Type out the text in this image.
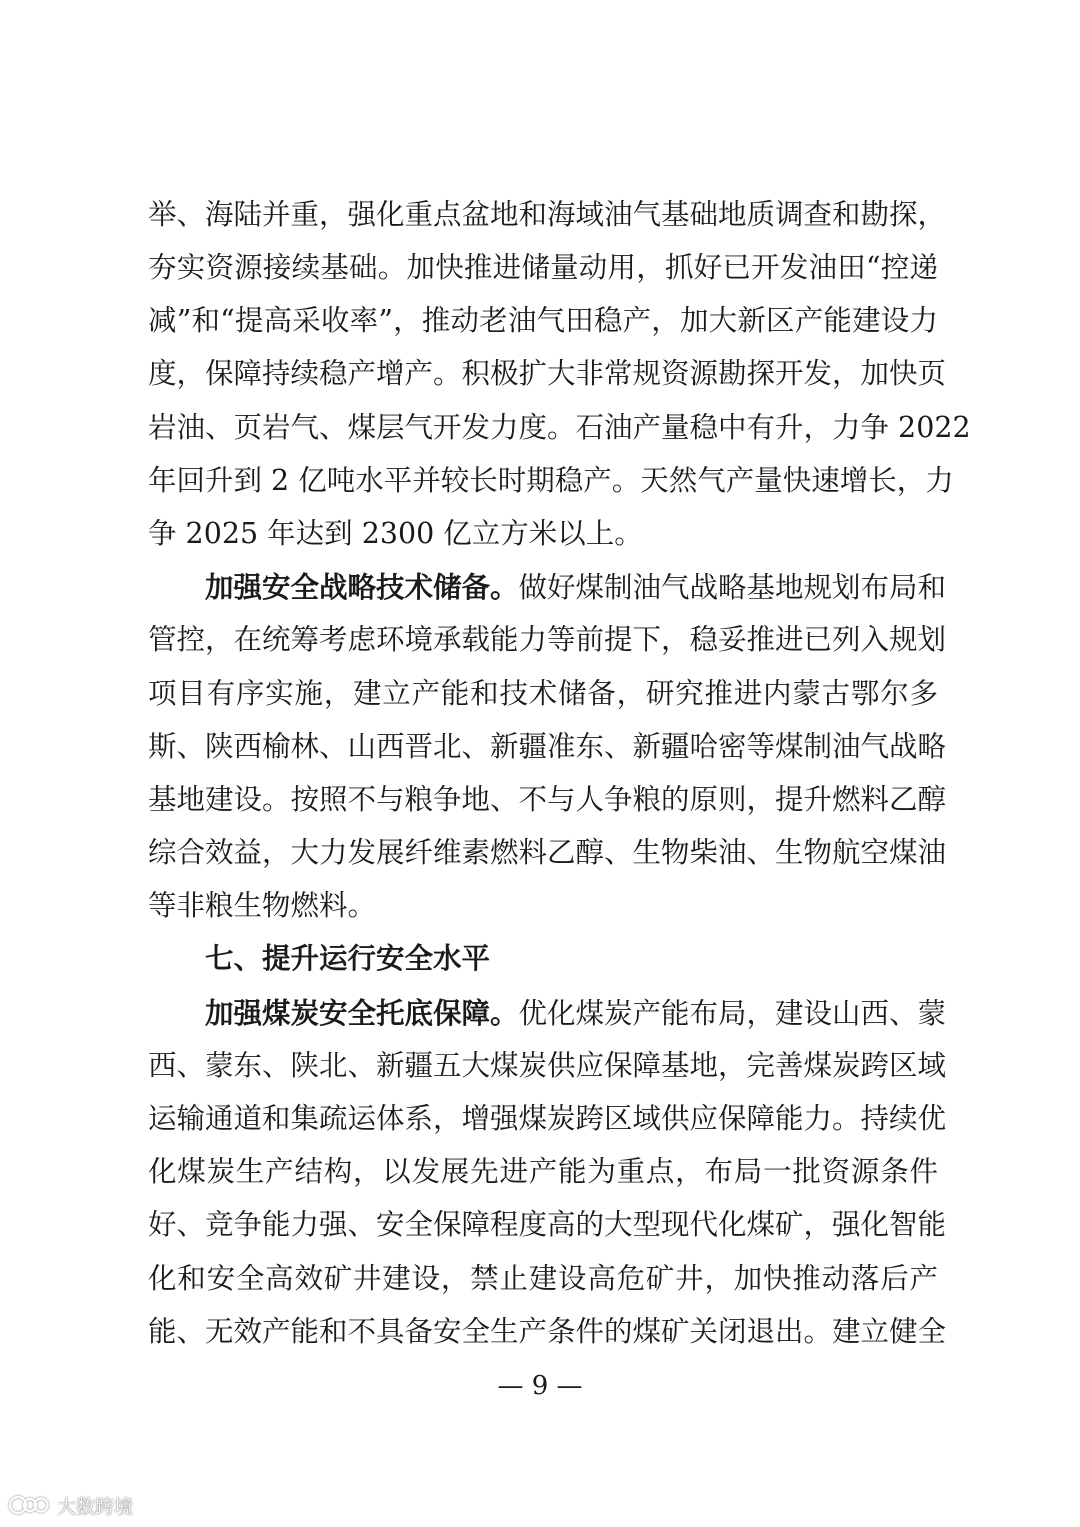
举、海陆并重，强化重点盆地和海域油气基础地质调查和勘探，
夯实资源接续基础。加快推进储量动用，抓好已开发油田“控递
减”和“提高采收率”，推动老油气田稳产，加大新区产能建设力
度，保障持续稳产增产。积极扩大非常规资源勘探开发，加快页
岩油、页岩气、煤层气开发力度。石油产量稳中有升，力争 2022
年回升到 2 亿吨水平并较长时期稳产。天然气产量快速增长，力
争 2025 年达到 2300 亿立方米以上。
加强安全战略技术储备。做好煤制油气战略基地规划布局和
管控，在统筹考虑环境承载能力等前提下，稳妥推进已列入规划
项目有序实施，建立产能和技术储备，研究推进内蒙古鄂尔多
斯、陕西榆林、山西晋北、新疆准东、新疆哈密等煤制油气战略
基地建设。按照不与粮争地、不与人争粮的原则，提升燃料乙醇
综合效益，大力发展纤维素燃料乙醇、生物柴油、生物航空煤油
等非粮生物燃料。
七、提升运行安全水平
加强煤炭安全托底保障。优化煤炭产能布局，建设山西、蒙
西、蒙东、陕北、新疆五大煤炭供应保障基地，完善煤炭跨区域
运输通道和集疏运体系，增强煤炭跨区域供应保障能力。持续优
化煤炭生产结构，以发展先进产能为重点，布局一批资源条件
好、竞争能力强、安全保障程度高的大型现代化煤矿，强化智能
化和安全高效矿井建设，禁止建设高危矿井，加快推动落后产
能、无效产能和不具备安全生产条件的煤矿关闭退出。建立健全
— 9 —
大数跨境
